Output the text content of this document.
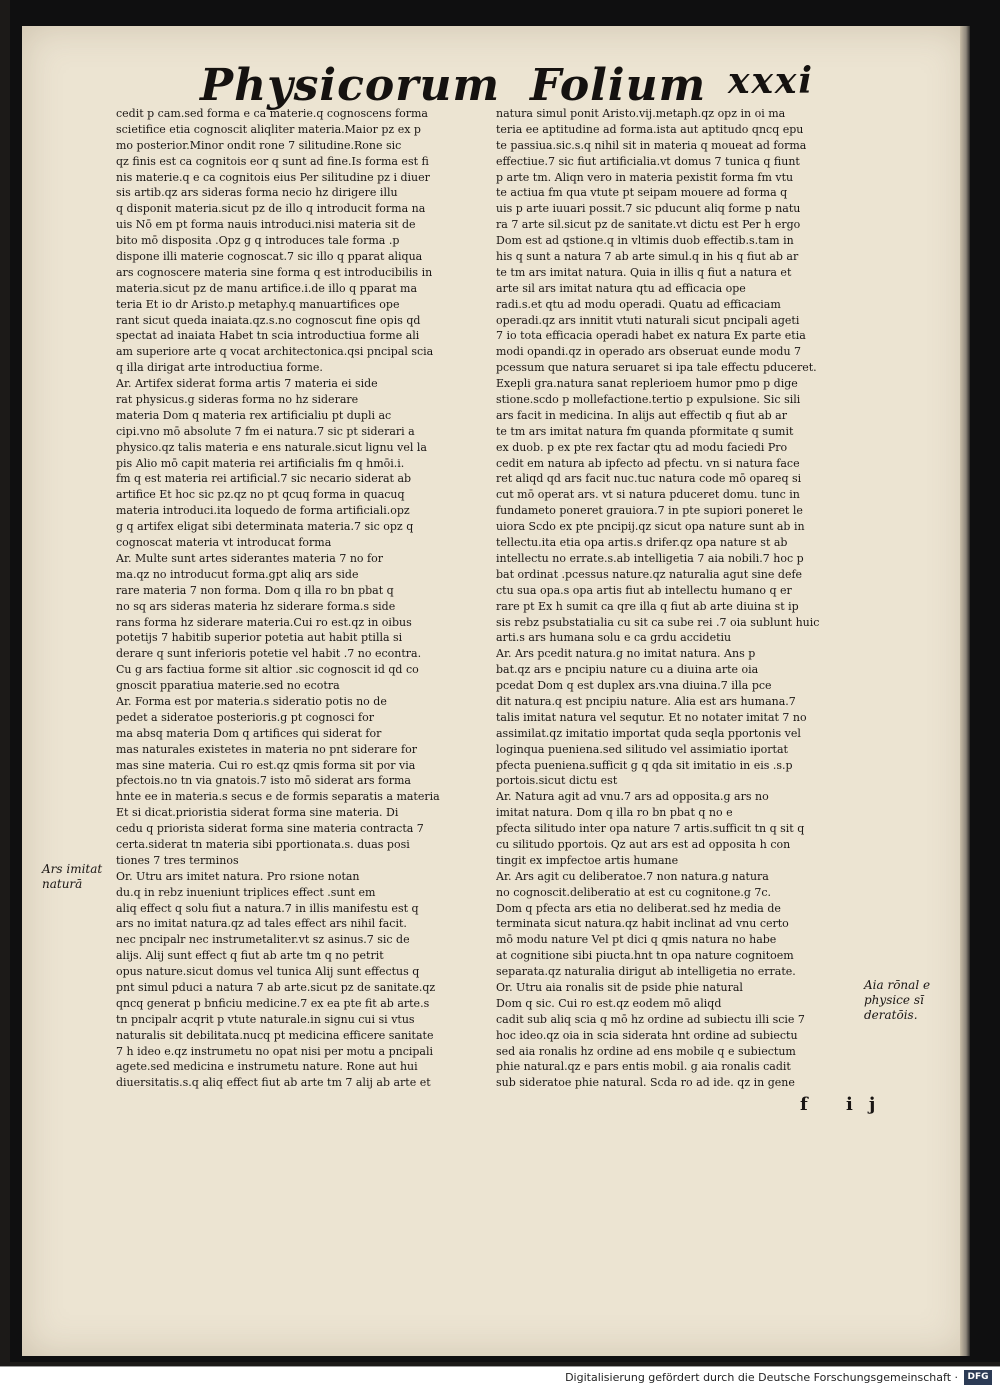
Physicorum Folium xxxi
cedit p cam.sed forma e ca materie.q cognoscens forma
scietifice etia cognoscit aliqliter materia.Maior pz ex p
mo posterior.Minor ondit rone 7 silitudine.Rone sic
qz finis est ca cognitois eor q sunt ad fine.Is forma est fi
nis materie.q e ca cognitois eius Per silitudine pz i diuer
sis artib.qz ars sideras forma necio hz dirigere illu
q disponit materia.sicut pz de illo q introducit forma na
uis Nō em pt forma nauis introduci.nisi materia sit de
bito mō disposita .Opz g q introduces tale forma .p
dispone illi materie cognoscat.7 sic illo q pparat aliqua
ars cognoscere materia sine forma q est introducibilis in
materia.sicut pz de manu artifice.i.de illo q pparat ma
teria Et io dr Aristo.p metaphy.q manuartifices ope
rant sicut queda inaiata.qz.s.no cognoscut fine opis qd
spectat ad inaiata Habet tn scia introductiua forme ali
am superiore arte q vocat architectonica.qsi pncipal scia
q illa dirigat arte introductiua forme.
Ar. Artifex siderat forma artis 7 materia ei side
rat physicus.g sideras forma no hz siderare
materia Dom q materia rex artificialiu pt dupli ac
cipi.vno mō absolute 7 fm ei natura.7 sic pt siderari a
physico.qz talis materia e ens naturale.sicut lignu vel la
pis Alio mō capit materia rei artificialis fm q hmōi.i.
fm q est materia rei artificial.7 sic necario siderat ab
artifice Et hoc sic pz.qz no pt qcuq forma in quacuq
materia introduci.ita loquedo de forma artificiali.opz
g q artifex eligat sibi determinata materia.7 sic opz q
cognoscat materia vt introducat forma
Ar. Multe sunt artes siderantes materia 7 no for
ma.qz no introducut forma.gpt aliq ars side
rare materia 7 non forma. Dom q illa ro bn pbat q
no sq ars sideras materia hz siderare forma.s side
rans forma hz siderare materia.Cui ro est.qz in oibus
potetijs 7 habitib superior potetia aut habit ptilla si
derare q sunt inferioris potetie vel habit .7 no econtra.
Cu g ars factiua forme sit altior .sic cognoscit id qd co
gnoscit pparatiua materie.sed no ecotra
Ar. Forma est por materia.s sideratio potis no de
pedet a sideratoe posterioris.g pt cognosci for
ma absq materia Dom q artifices qui siderat for
mas naturales existetes in materia no pnt siderare for
mas sine materia. Cui ro est.qz qmis forma sit por via
pfectois.no tn via gnatois.7 isto mō siderat ars forma
hnte ee in materia.s secus e de formis separatis a materia
Et si dicat.prioristia siderat forma sine materia. Di
cedu q priorista siderat forma sine materia contracta 7
certa.siderat tn materia sibi pportionata.s. duas posi
tiones 7 tres terminos
Or. Utru ars imitet natura. Pro rsione notan
du.q in rebz inueniunt triplices effect .sunt em
aliq effect q solu fiut a natura.7 in illis manifestu est q
ars no imitat natura.qz ad tales effect ars nihil facit.
nec pncipalr nec instrumetaliter.vt sz asinus.7 sic de
alijs. Alij sunt effect q fiut ab arte tm q no petrit
opus nature.sicut domus vel tunica Alij sunt effectus q
pnt simul pduci a natura 7 ab arte.sicut pz de sanitate.qz
qncq generat p bnficiu medicine.7 ex ea pte fit ab arte.s
tn pncipalr acqrit p vtute naturale.in signu cui si vtus
naturalis sit debilitata.nucq pt medicina efficere sanitate
7 h ideo e.qz instrumetu no opat nisi per motu a pncipali
agete.sed medicina e instrumetu nature. Rone aut hui
diuersitatis.s.q aliq effect fiut ab arte tm 7 alij ab arte et
natura simul ponit Aristo.vij.metaph.qz opz in oi ma
teria ee aptitudine ad forma.ista aut aptitudo qncq epu
te passiua.sic.s.q nihil sit in materia q moueat ad forma
effectiue.7 sic fiut artificialia.vt domus 7 tunica q fiunt
p arte tm. Aliqn vero in materia pexistit forma fm vtu
te actiua fm qua vtute pt seipam mouere ad forma q
uis p arte iuuari possit.7 sic pducunt aliq forme p natu
ra 7 arte sil.sicut pz de sanitate.vt dictu est Per h ergo
Dom est ad qstione.q in vltimis duob effectib.s.tam in
his q sunt a natura 7 ab arte simul.q in his q fiut ab ar
te tm ars imitat natura. Quia in illis q fiut a natura et
arte sil ars imitat natura qtu ad efficacia ope
radi.s.et qtu ad modu operadi. Quatu ad efficaciam
operadi.qz ars innitit vtuti naturali sicut pncipali ageti
7 io tota efficacia operadi habet ex natura Ex parte etia
modi opandi.qz in operado ars obseruat eunde modu 7
pcessum que natura seruaret si ipa tale effectu pduceret.
Exepli gra.natura sanat replerioem humor pmo p dige
stione.scdo p mollefactione.tertio p expulsione. Sic sili
ars facit in medicina. In alijs aut effectib q fiut ab ar
te tm ars imitat natura fm quanda pformitate q sumit
ex duob. p ex pte rex factar qtu ad modu faciedi Pro
cedit em natura ab ipfecto ad pfectu. vn si natura face
ret aliqd qd ars facit nuc.tuc natura code mō opareq si
cut mō operat ars. vt si natura pduceret domu. tunc in
fundameto poneret grauiora.7 in pte supiori poneret le
uiora Scdo ex pte pncipij.qz sicut opa nature sunt ab in
tellectu.ita etia opa artis.s drifer.qz opa nature st ab
intellectu no errate.s.ab intelligetia 7 aia nobili.7 hoc p
bat ordinat .pcessus nature.qz naturalia agut sine defe
ctu sua opa.s opa artis fiut ab intellectu humano q er
rare pt Ex h sumit ca qre illa q fiut ab arte diuina st ip
sis rebz psubstatialia cu sit ca sube rei .7 oia sublunt huic
arti.s ars humana solu e ca grdu accidetiu
Ar. Ars pcedit natura.g no imitat natura. Ans p
bat.qz ars e pncipiu nature cu a diuina arte oia
pcedat Dom q est duplex ars.vna diuina.7 illa pce
dit natura.q est pncipiu nature. Alia est ars humana.7
talis imitat natura vel sequtur. Et no notater imitat 7 no
assimilat.qz imitatio importat quda seqla pportonis vel
loginqua pueniena.sed silitudo vel assimiatio iportat
pfecta pueniena.sufficit g q qda sit imitatio in eis .s.p
portois.sicut dictu est
Ar. Natura agit ad vnu.7 ars ad opposita.g ars no
imitat natura. Dom q illa ro bn pbat q no e
pfecta silitudo inter opa nature 7 artis.sufficit tn q sit q
cu silitudo pportois. Qz aut ars est ad opposita h con
tingit ex impfectoe artis humane
Ar. Ars agit cu deliberatoe.7 non natura.g natura
no cognoscit.deliberatio at est cu cognitone.g 7c.
Dom q pfecta ars etia no deliberat.sed hz media de
terminata sicut natura.qz habit inclinat ad vnu certo
mō modu nature Vel pt dici q qmis natura no habe
at cognitione sibi piucta.hnt tn opa nature cognitoem
separata.qz naturalia dirigut ab intelligetia no errate.
Or. Utru aia ronalis sit de pside phie natural
Dom q sic. Cui ro est.qz eodem mō aliqd
cadit sub aliq scia q mō hz ordine ad subiectu illi scie 7
hoc ideo.qz oia in scia siderata hnt ordine ad subiectu
sed aia ronalis hz ordine ad ens mobile q e subiectum
phie natural.qz e pars entis mobil. g aia ronalis cadit
sub sideratoe phie natural. Scda ro ad ide. qz in gene
Ars imitat
naturā
Aia rōnal e
physice sī
deratōis.
f ij
Digitalisierung gefördert durch die Deutsche Forschungsgemeinschaft ·	DFG
